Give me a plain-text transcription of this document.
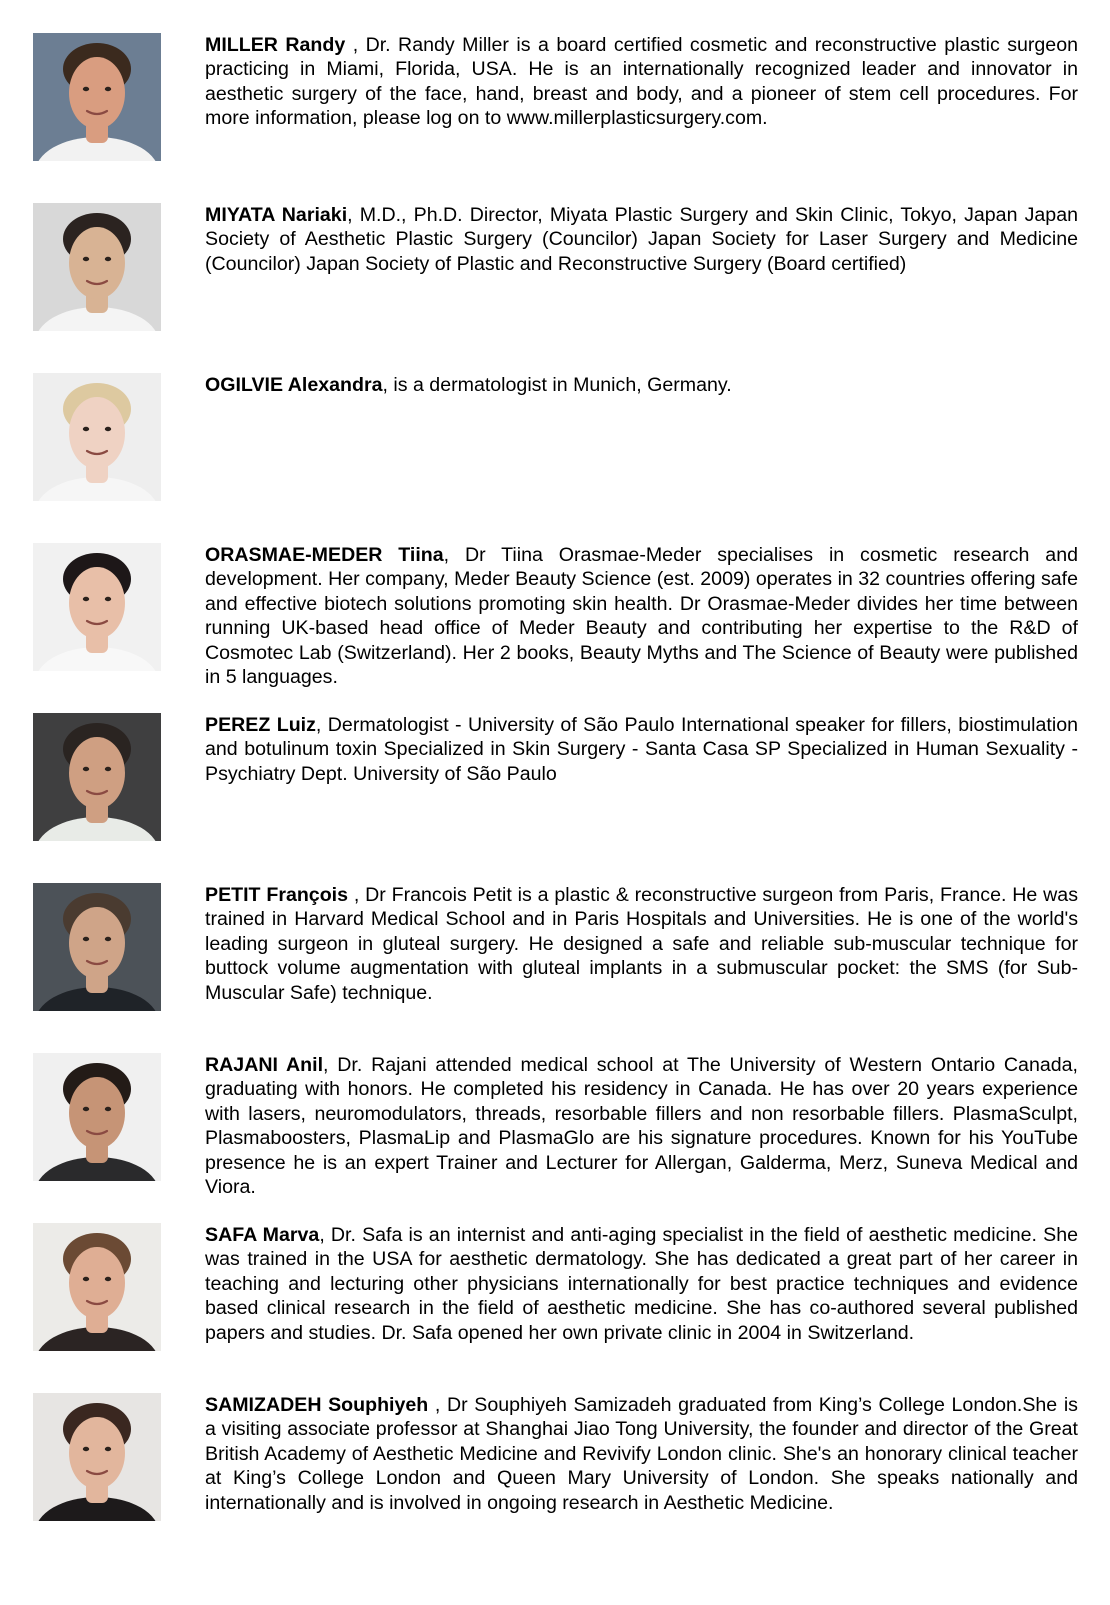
MILLER Randy , Dr. Randy Miller is a board certified cosmetic and reconstructive plastic surgeon practicing in Miami, Florida, USA. He is an internationally recognized leader and innovator in aesthetic surgery of the face, hand, breast and body, and a pioneer of stem cell procedures. For more information, please log on to www.millerplasticsurgery.com.

MIYATA Nariaki, M.D., Ph.D. Director, Miyata Plastic Surgery and Skin Clinic, Tokyo, Japan Japan Society of Aesthetic Plastic Surgery (Councilor) Japan Society for Laser Surgery and Medicine (Councilor) Japan Society of Plastic and Reconstructive Surgery (Board certified)

OGILVIE Alexandra, is a dermatologist in Munich, Germany.

ORASMAE-MEDER Tiina, Dr Tiina Orasmae-Meder specialises in cosmetic research and development. Her company, Meder Beauty Science (est. 2009) operates in 32 countries offering safe and effective biotech solutions promoting skin health. Dr Orasmae-Meder divides her time between running UK-based head office of Meder Beauty and contributing her expertise to the R&D of Cosmotec Lab (Switzerland). Her 2 books, Beauty Myths and The Science of Beauty were published in 5 languages.

PEREZ Luiz, Dermatologist - University of São Paulo International speaker for fillers, biostimulation and botulinum toxin Specialized in Skin Surgery - Santa Casa SP Specialized in Human Sexuality - Psychiatry Dept. University of São Paulo

PETIT François , Dr Francois Petit is a plastic & reconstructive surgeon from Paris, France. He was trained in Harvard Medical School and in Paris Hospitals and Universities. He is one of the world's leading surgeon in gluteal surgery. He designed a safe and reliable sub-muscular technique for buttock volume augmentation with gluteal implants in a submuscular pocket: the SMS (for Sub-Muscular Safe) technique.

RAJANI Anil, Dr. Rajani attended medical school at The University of Western Ontario Canada, graduating with honors. He completed his residency in Canada. He has over 20 years experience with lasers, neuromodulators, threads, resorbable fillers and non resorbable fillers. PlasmaSculpt, Plasmaboosters, PlasmaLip and PlasmaGlo are his signature procedures. Known for his YouTube presence he is an expert Trainer and Lecturer for Allergan, Galderma, Merz, Suneva Medical and Viora.

SAFA Marva, Dr. Safa is an internist and anti-aging specialist in the field of aesthetic medicine. She was trained in the USA for aesthetic dermatology. She has dedicated a great part of her career in teaching and lecturing other physicians internationally for best practice techniques and evidence based clinical research in the field of aesthetic medicine. She has co-authored several published papers and studies. Dr. Safa opened her own private clinic in 2004 in Switzerland.

SAMIZADEH Souphiyeh , Dr Souphiyeh Samizadeh graduated from King’s College London.She is a visiting associate professor at Shanghai Jiao Tong University, the founder and director of the Great British Academy of Aesthetic Medicine and Revivify London clinic. She's an honorary clinical teacher at King’s College London and Queen Mary University of London. She speaks nationally and internationally and is involved in ongoing research in Aesthetic Medicine.
